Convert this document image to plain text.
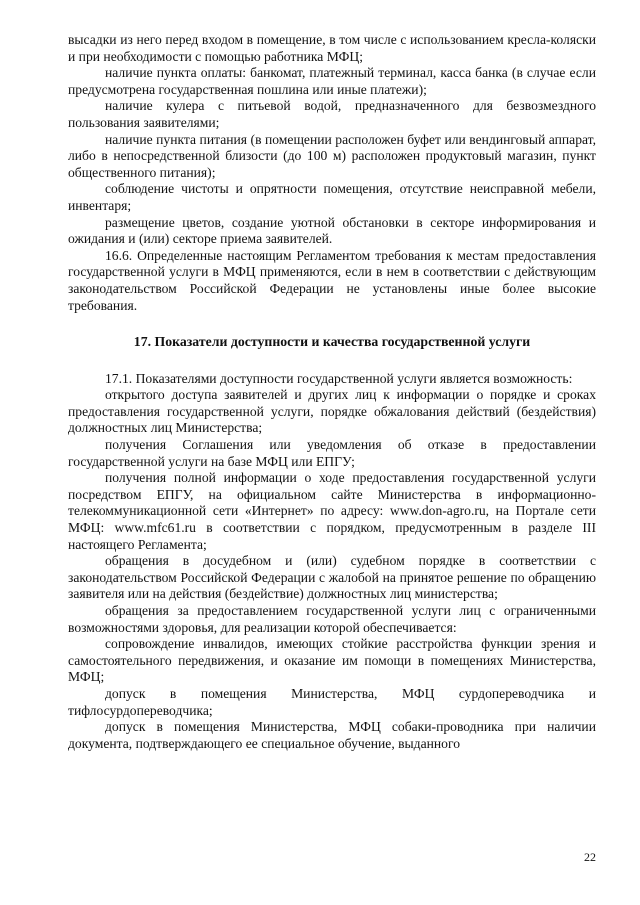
высадки из него перед входом в помещение, в том числе с использованием кресла-коляски и при необходимости с помощью работника МФЦ;

наличие пункта оплаты: банкомат, платежный терминал, касса банка (в случае если предусмотрена государственная пошлина или иные платежи);

наличие кулера с питьевой водой, предназначенного для безвозмездного пользования заявителями;

наличие пункта питания (в помещении расположен буфет или вендинговый аппарат, либо в непосредственной близости (до 100 м) расположен продуктовый магазин, пункт общественного питания);

соблюдение чистоты и опрятности помещения, отсутствие неисправной мебели, инвентаря;

размещение цветов, создание уютной обстановки в секторе информирования и ожидания и (или) секторе приема заявителей.

16.6. Определенные настоящим Регламентом требования к местам предоставления государственной услуги в МФЦ применяются, если в нем в соответствии с действующим законодательством Российской Федерации не установлены иные более высокие требования.

17. Показатели доступности и качества государственной услуги

17.1. Показателями доступности государственной услуги является возможность:

открытого доступа заявителей и других лиц к информации о порядке и сроках предоставления государственной услуги, порядке обжалования действий (бездействия) должностных лиц Министерства;

получения Соглашения или уведомления об отказе в предоставлении государственной услуги на базе МФЦ или ЕПГУ;

получения полной информации о ходе предоставления государственной услуги посредством ЕПГУ, на официальном сайте Министерства в информационно-телекоммуникационной сети «Интернет» по адресу: www.don-agro.ru, на Портале сети МФЦ: www.mfc61.ru в соответствии с порядком, предусмотренным в разделе III настоящего Регламента;

обращения в досудебном и (или) судебном порядке в соответствии с законодательством Российской Федерации с жалобой на принятое решение по обращению заявителя или на действия (бездействие) должностных лиц министерства;

обращения за предоставлением государственной услуги лиц с ограниченными возможностями здоровья, для реализации которой обеспечивается:

сопровождение инвалидов, имеющих стойкие расстройства функции зрения и самостоятельного передвижения, и оказание им помощи в помещениях Министерства, МФЦ;

допуск в помещения Министерства, МФЦ сурдопереводчика и тифлосурдопереводчика;

допуск в помещения Министерства, МФЦ собаки-проводника при наличии документа, подтверждающего ее специальное обучение, выданного

22
